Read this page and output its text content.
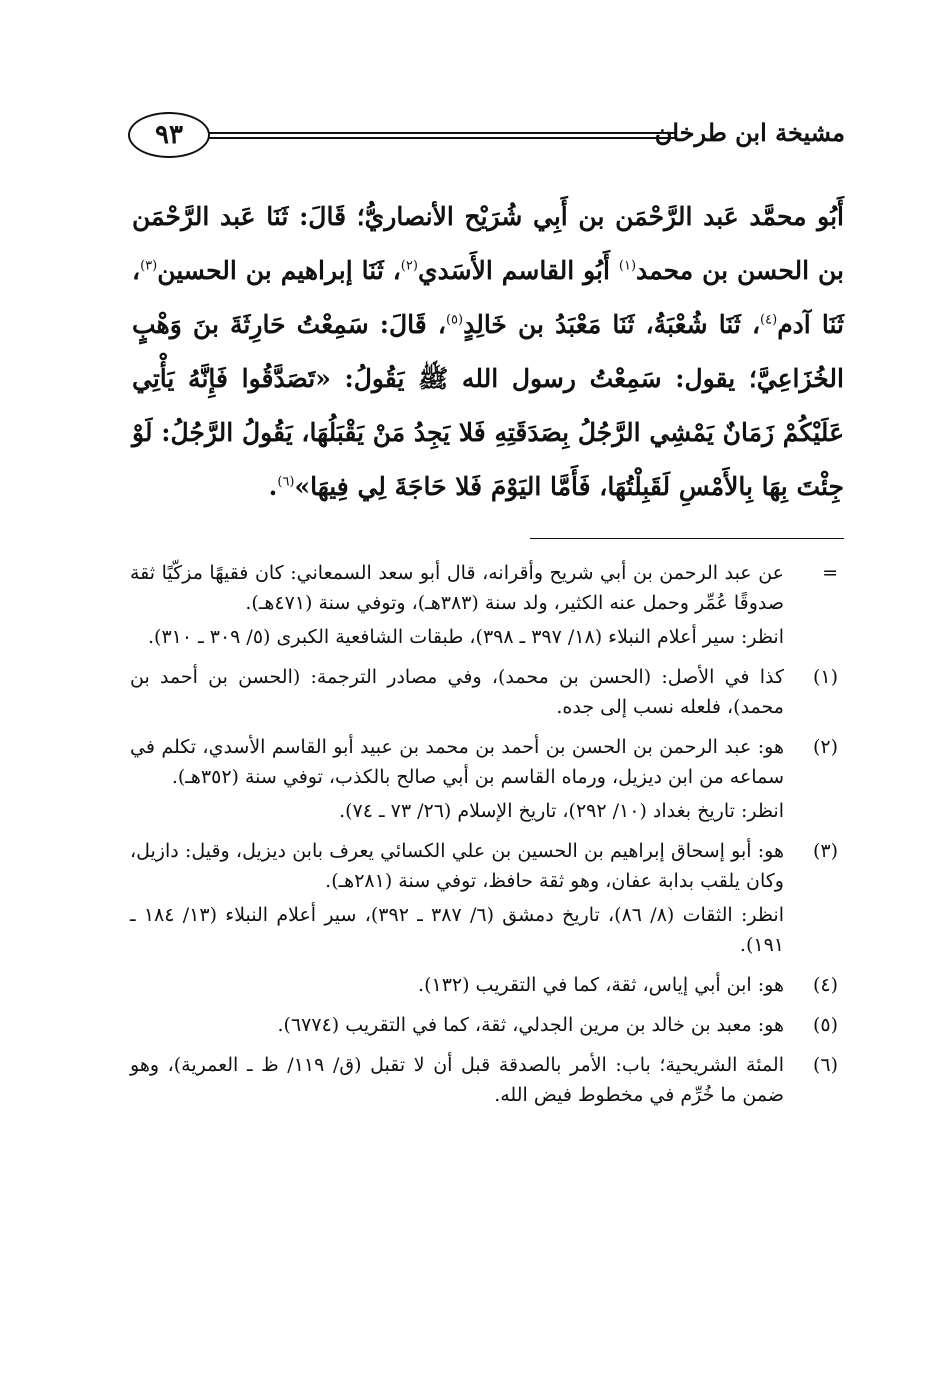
مشيخة ابن طرخان
٩٣
أَبُو محمَّد عَبد الرَّحْمَن بن أَبِي شُرَيْح الأنصاريُّ؛ قَالَ: ثَنَا عَبد الرَّحْمَن بن الحسن بن محمد$^{(١)}$ أَبُو القاسم الأَسَدي$^{(٢)}$، ثَنَا إبراهيم بن الحسين$^{(٣)}$، ثَنَا آدم$^{(٤)}$، ثَنَا شُعْبَةُ، ثَنَا مَعْبَدُ بن خَالِدٍ$^{(٥)}$، قَالَ: سَمِعْتُ حَارِثَةَ بنَ وَهْبٍ الخُزَاعِيَّ؛ يقول: سَمِعْتُ رسول الله ﷺ يَقُولُ: «تَصَدَّقُوا فَإِنَّهُ يَأْتِي عَلَيْكُمْ زَمَانٌ يَمْشِي الرَّجُلُ بِصَدَقَتِهِ فَلا يَجِدُ مَنْ يَقْبَلُهَا، يَقُولُ الرَّجُلُ: لَوْ جِئْتَ بِهَا بِالأَمْسِ لَقَبِلْتُهَا، فَأَمَّا اليَوْمَ فَلا حَاجَةَ لِي فِيهَا»$^{(٦)}$.
=
عن عبد الرحمن بن أبي شريح وأقرانه، قال أبو سعد السمعاني: كان فقيهًا مزكّيًا ثقة صدوقًا عُمِّر وحمل عنه الكثير، ولد سنة (٣٨٣هـ)، وتوفي سنة (٤٧١هـ).
انظر: سير أعلام النبلاء (١٨/ ٣٩٧ ـ ٣٩٨)، طبقات الشافعية الكبرى (٥/ ٣٠٩ ـ ٣١٠).
(١)
كذا في الأصل: (الحسن بن محمد)، وفي مصادر الترجمة: (الحسن بن أحمد بن محمد)، فلعله نسب إلى جده.
(٢)
هو: عبد الرحمن بن الحسن بن أحمد بن محمد بن عبيد أبو القاسم الأسدي، تكلم في سماعه من ابن ديزيل، ورماه القاسم بن أبي صالح بالكذب، توفي سنة (٣٥٢هـ).
انظر: تاريخ بغداد (١٠/ ٢٩٢)، تاريخ الإسلام (٢٦/ ٧٣ ـ ٧٤).
(٣)
هو: أبو إسحاق إبراهيم بن الحسين بن علي الكسائي يعرف بابن ديزيل، وقيل: دازيل، وكان يلقب بدابة عفان، وهو ثقة حافظ، توفي سنة (٢٨١هـ).
انظر: الثقات (٨/ ٨٦)، تاريخ دمشق (٦/ ٣٨٧ ـ ٣٩٢)، سير أعلام النبلاء (١٣/ ١٨٤ ـ ١٩١).
(٤)
هو: ابن أبي إياس، ثقة، كما في التقريب (١٣٢).
(٥)
هو: معبد بن خالد بن مرين الجدلي، ثقة، كما في التقريب (٦٧٧٤).
(٦)
المئة الشريحية؛ باب: الأمر بالصدقة قبل أن لا تقبل (ق/ ١١٩/ ظ ـ العمرية)، وهو ضمن ما خُرِّم في مخطوط فيض الله.
